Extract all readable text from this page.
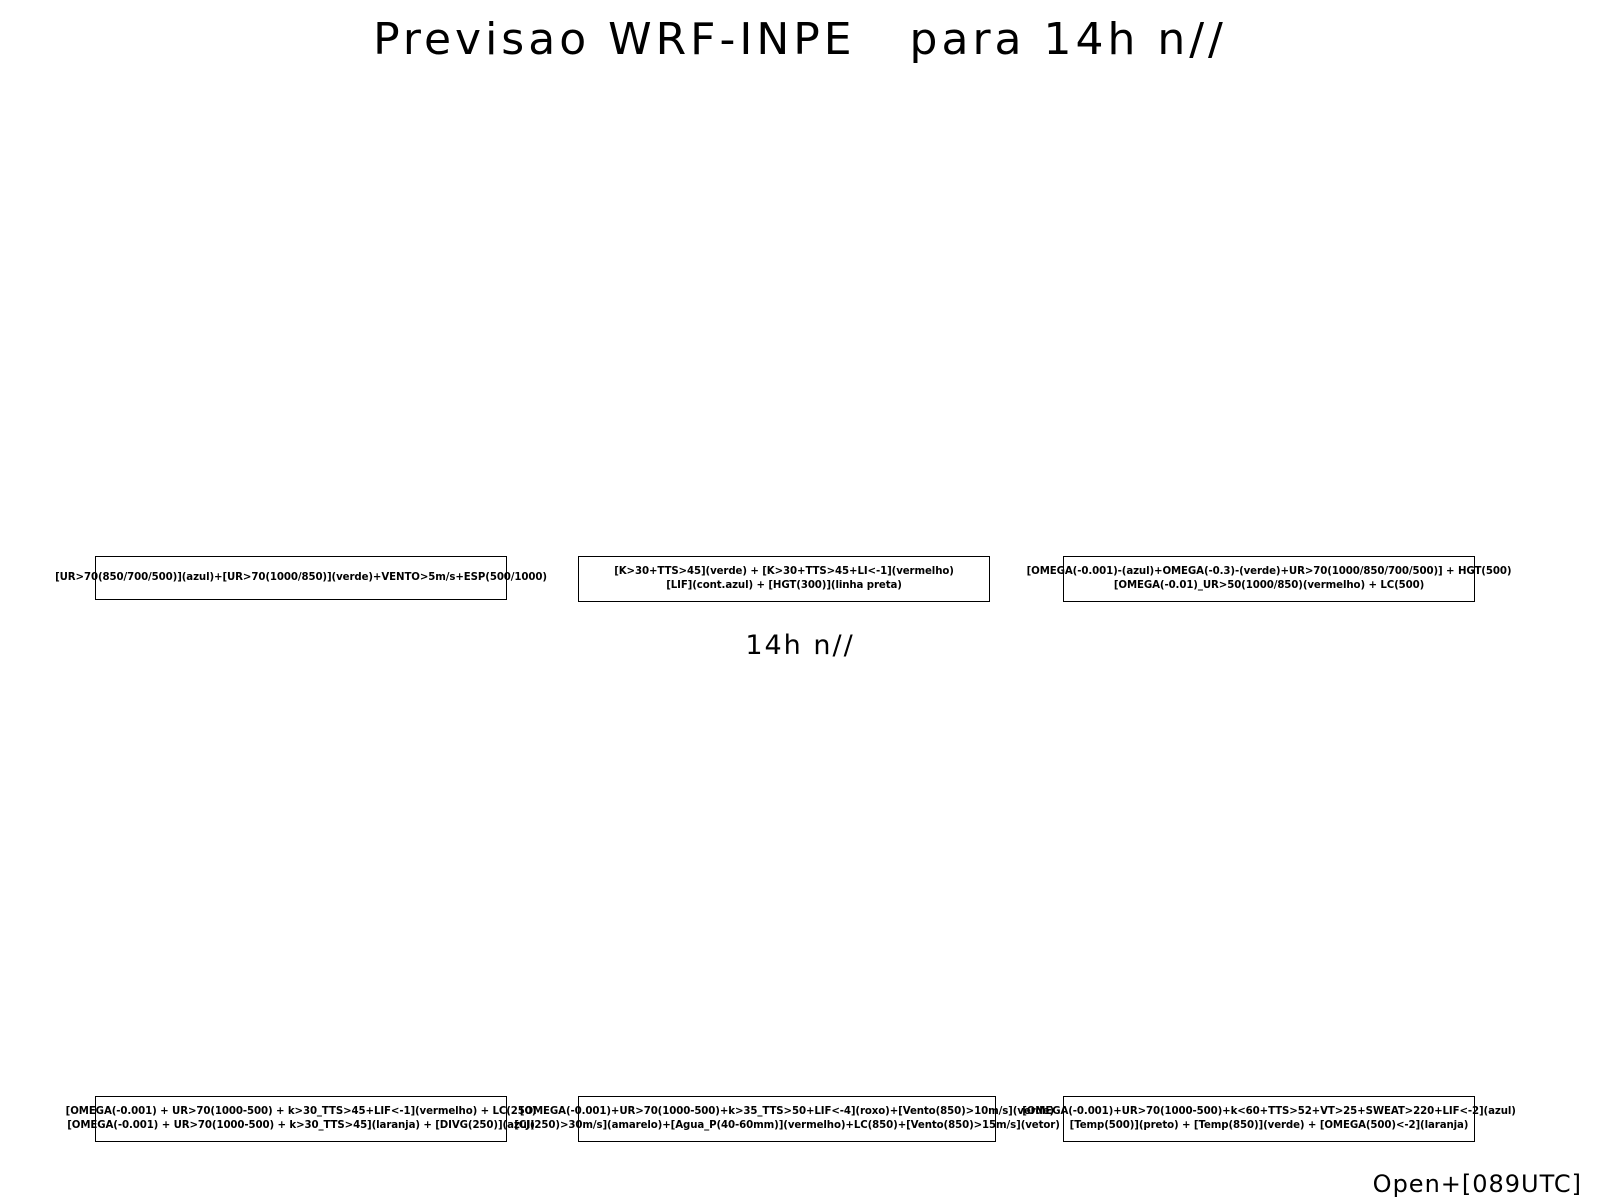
Previsao WRF-INPE   para 14h n//
14h n//
[UR>70(850/700/500)](azul)+[UR>70(1000/850)](verde)+VENTO>5m/s+ESP(500/1000)
[K>30+TTS>45](verde) + [K>30+TTS>45+LI<-1](vermelho)
[LIF](cont.azul) + [HGT(300)](linha preta)
[OMEGA(-0.001)-(azul)+OMEGA(-0.3)-(verde)+UR>70(1000/850/700/500)] + HGT(500)
[OMEGA(-0.01)_UR>50(1000/850)(vermelho) + LC(500)
[OMEGA(-0.001) + UR>70(1000-500) + k>30_TTS>45+LIF<-1](vermelho) + LC(250)
[OMEGA(-0.001) + UR>70(1000-500) + k>30_TTS>45](laranja) + [DIVG(250)](azul)
[OMEGA(-0.001)+UR>70(1000-500)+k>35_TTS>50+LIF<-4](roxo)+[Vento(850)>10m/s](verde)
[CJ(250)>30m/s](amarelo)+[Agua_P(40-60mm)](vermelho)+LC(850)+[Vento(850)>15m/s](vetor)
[OMEGA(-0.001)+UR>70(1000-500)+k<60+TTS>52+VT>25+SWEAT>220+LIF<-2](azul)
[Temp(500)](preto) + [Temp(850)](verde) + [OMEGA(500)<-2](laranja)
Open+[089UTC]
